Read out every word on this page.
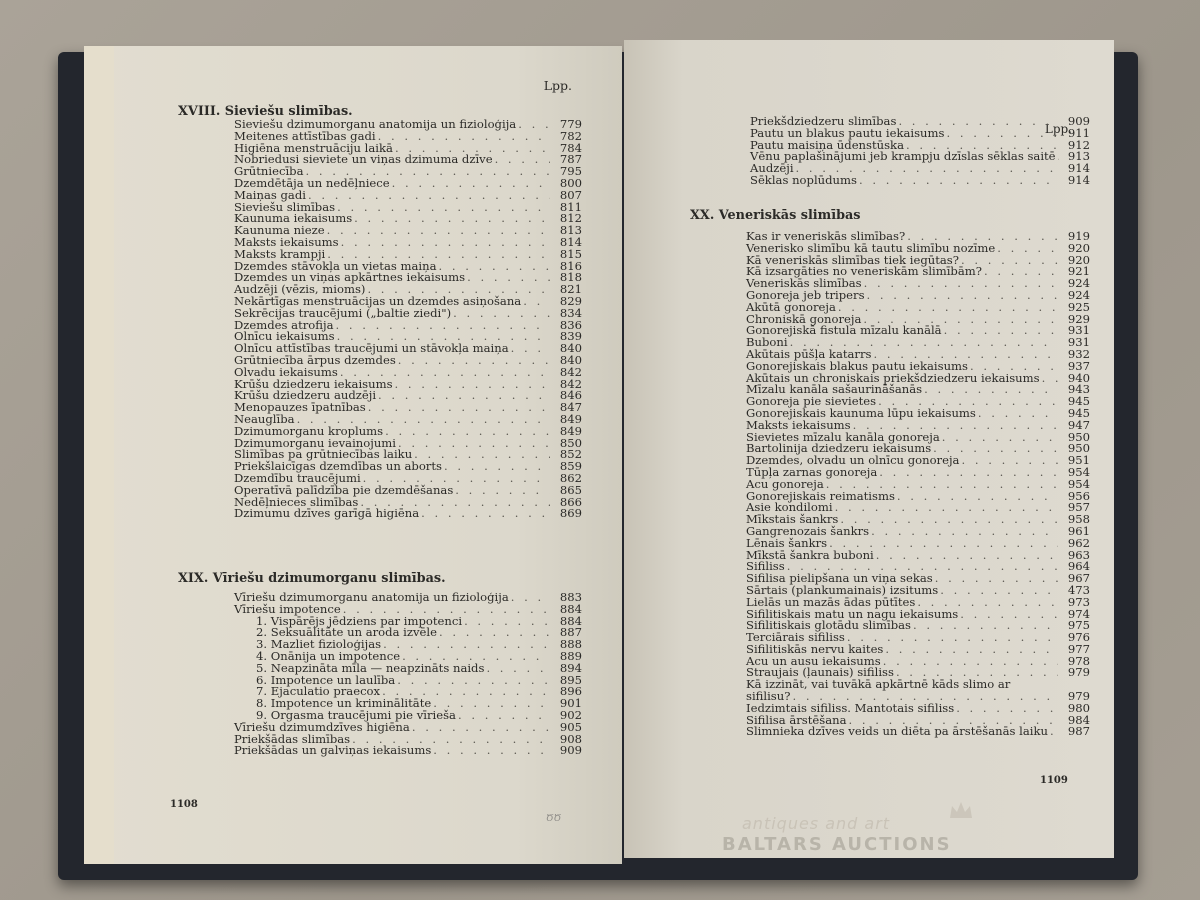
Lpp.
XVIII. Sieviešu slimības.
Sieviešu dzimumorganu anatomija un fizioloģija . . .	779
Meitenes attīstības gadi . . .	782
Higiēna menstruāciju laikā . . .	784
Nobriedusi sieviete un viņas dzimuma dzīve . . .	787
Grūtniecība . . .	795
Dzemdētāja un nedēļniece . . .	800
Maiņas gadi . . .	807
Sieviešu slimības . . .	811
Kaunuma iekaisums . . .	812
Kaunuma nieze . . .	813
Maksts iekaisums . . .	814
Maksts krampji . . .	815
Dzemdes stāvokļa un vietas maiņa . . .	816
Dzemdes un viņas apkārtnes iekaisums . . .	818
Audzēji (vēzis, mioms) . . .	821
Nekārtīgas menstruācijas un dzemdes asiņošana . . .	829
Sekrēcijas traucējumi („baltie ziedi") . . .	834
Dzemdes atrofija . . .	836
Olnīcu iekaisums . . .	839
Olnīcu attīstības traucējumi un stāvokļa maiņa . . .	840
Grūtniecība ārpus dzemdes . . .	840
Olvadu iekaisums . . .	842
Krūšu dziedzeru iekaisums . . .	842
Krūšu dziedzeru audzēji . . .	846
Menopauzes īpatnības . . .	847
Neauglība . . .	849
Dzimumorganu kroplums . . .	849
Dzimumorganu ievainojumi . . .	850
Slimības pa grūtniecības laiku . . .	852
Priekšlaicīgas dzemdības un aborts . . .	859
Dzemdību traucējumi . . .	862
Operatīvā palīdzība pie dzemdēšanas . . .	865
Nedēļnieces slimības . . .	866
Dzimumu dzīves garīgā higiēna . . .	869
XIX. Vīriešu dzimumorganu slimības.
Vīriešu dzimumorganu anatomija un fizioloģija . . .	883
Vīriešu impotence . . .	884
1. Vispārējs jēdziens par impotenci . . .	884
2. Seksuālitāte un aroda izvēle . . .	887
3. Mazliet fizioloģijas . . .	888
4. Onānija un impotence . . .	889
5. Neapzināta mīla — neapzināts naids . . .	894
6. Impotence un laulība . . .	895
7. Ejaculatio praecox . . .	896
8. Impotence un kriminālitāte . . .	901
9. Orgasma traucējumi pie vīrieša . . .	902
Vīriešu dzimumdzīves higiēna . . .	905
Priekšādas slimības . . .	908
Priekšādas un galviņas iekaisums . . .	909
1108
ԾԾ
Lpp.
Priekšdziedzeru slimības . . .	909
Pautu un blakus pautu iekaisums . . .	911
Pautu maisiņa ūdenstūska . . .	912
Vēnu paplašinājumi jeb krampju dzīslas sēklas saitē . . .	913
Audzēji . . .	914
Sēklas noplūdums . . .	914
XX. Veneriskās slimības
Kas ir veneriskās slimības? . . .	919
Venerisko slimību kā tautu slimību nozīme . . .	920
Kā veneriskās slimības tiek iegūtas? . . .	920
Kā izsargāties no veneriskām slimībām? . . .	921
Veneriskās slimības . . .	924
Gonoreja jeb tripers . . .	924
Akūtā gonoreja . . .	925
Chroniskā gonoreja . . .	929
Gonorejiskā fistula mīzalu kanālā . . .	931
Buboni . . .	931
Akūtais pūšļa katarrs . . .	932
Gonorejiskais blakus pautu iekaisums . . .	937
Akūtais un chroniskais priekšdziedzeru iekaisums . . .	940
Mīzalu kanāla sašaurināšanās . . .	943
Gonoreja pie sievietes . . .	945
Gonorejiskais kaunuma lūpu iekaisums . . .	945
Maksts iekaisums . . .	947
Sievietes mīzalu kanāla gonoreja . . .	950
Bartolinija dziedzeru iekaisums . . .	950
Dzemdes, olvadu un olnīcu gonoreja . . .	951
Tūpļa zarnas gonoreja . . .	954
Acu gonoreja . . .	954
Gonorejiskais reimatisms . . .	956
Asie kondilomi . . .	957
Mīkstais šankrs . . .	958
Gangrenozais šankrs . . .	961
Lēnais šankrs . . .	962
Mīkstā šankra buboni . . .	963
Sifiliss . . .	964
Sifilisa pielipšana un viņa sekas . . .	967
Sārtais (plankumainais) izsitums . . .	473
Lielās un mazās ādas pūtītes . . .	973
Sifilitiskais matu un nagu iekaisums . . .	974
Sifilitiskais glotādu slimības . . .	975
Terciārais sifiliss . . .	976
Sifilitiskās nervu kaites . . .	977
Acu un ausu iekaisums . . .	978
Straujais (ļaunais) sifiliss . . .	979
Kā izzināt, vai tuvākā apkārtnē kāds slimo ar
sifilisu? . . .	979
Iedzimtais sifiliss. Mantotais sifiliss . . .	980
Sifilisa ārstēšana . . .	984
Slimnieka dzīves veids un diēta pa ārstēšanās laiku . . .	987
1109
antiques and art
BALTARS AUCTIONS
